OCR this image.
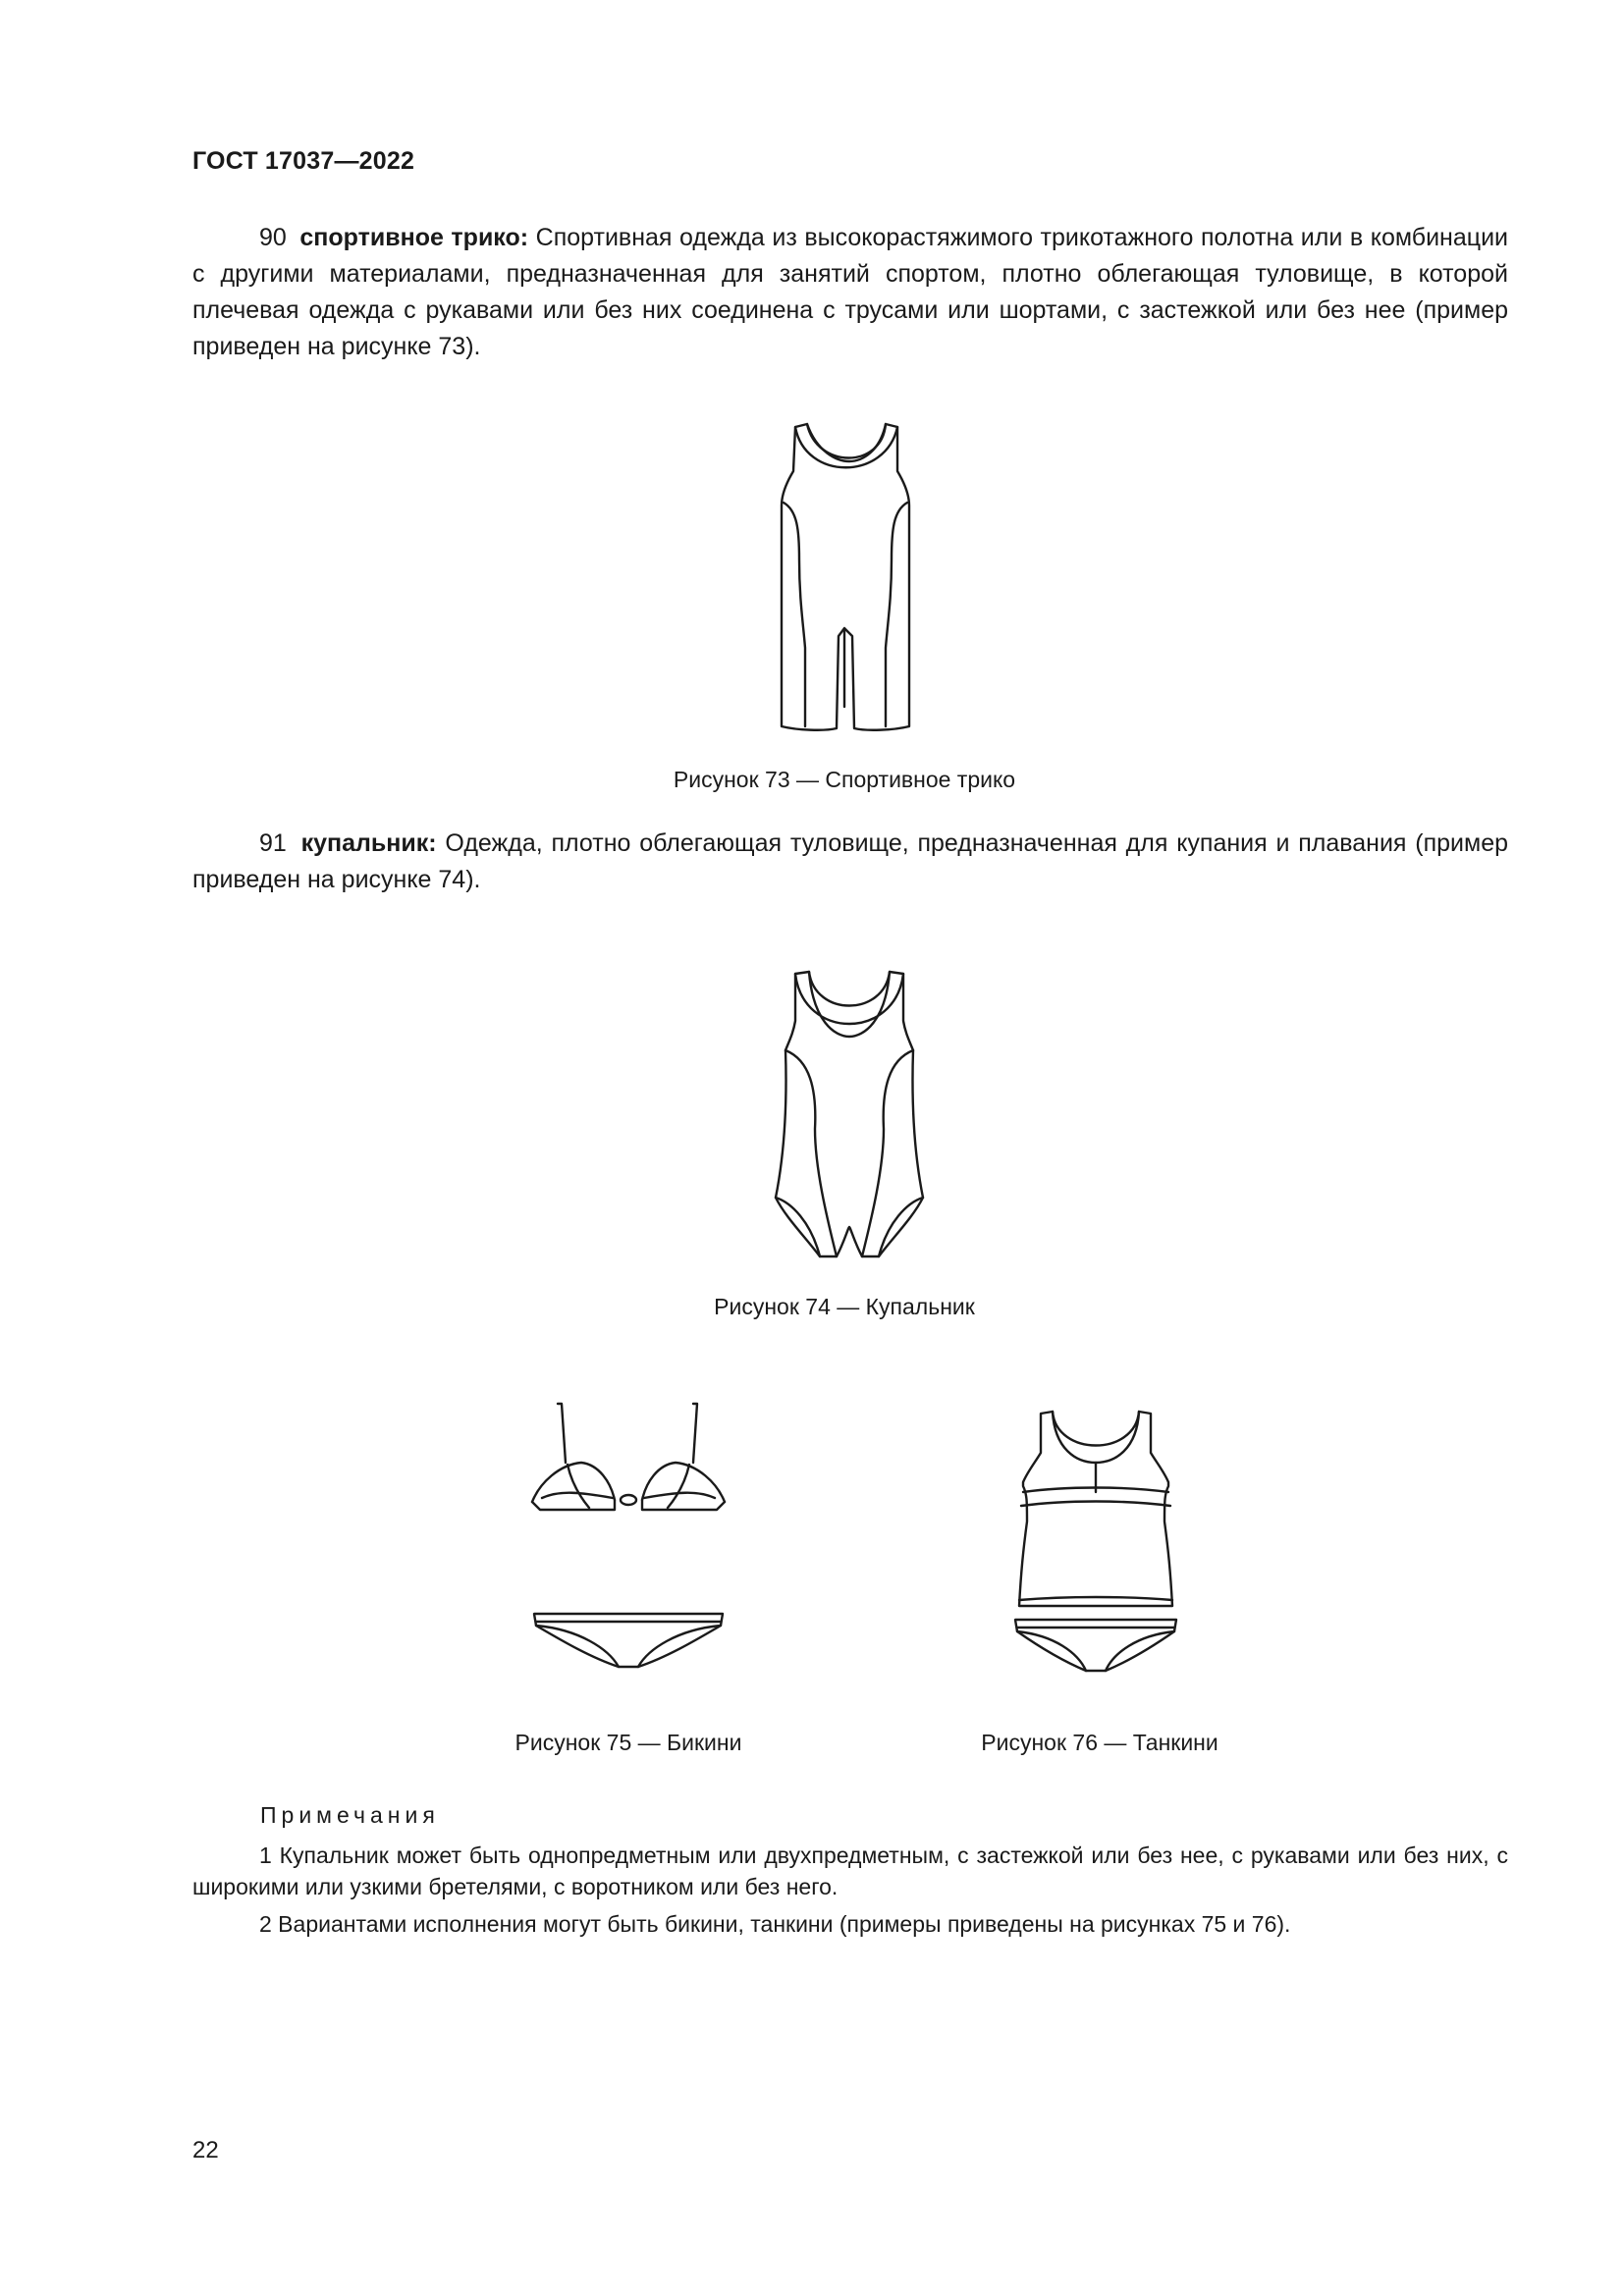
ГОСТ 17037—2022

90 спортивное трико: Спортивная одежда из высокорастяжимого трикотажного полотна или в комбинации с другими материалами, предназначенная для занятий спортом, плотно облегающая туловище, в которой плечевая одежда с рукавами или без них соединена с трусами или шортами, с застежкой или без нее (пример приведен на рисунке 73).

Рисунок 73 — Спортивное трико

91 купальник: Одежда, плотно облегающая туловище, предназначенная для купания и плавания (пример приведен на рисунке 74).

Рисунок 74 — Купальник
Рисунок 75 — Бикини	Рисунок 76 — Танкини
Примечания

1 Купальник может быть однопредметным или двухпредметным, с застежкой или без нее, с рукавами или без них, с широкими или узкими бретелями, с воротником или без него.

2 Вариантами исполнения могут быть бикини, танкини (примеры приведены на рисунках 75 и 76).

22
